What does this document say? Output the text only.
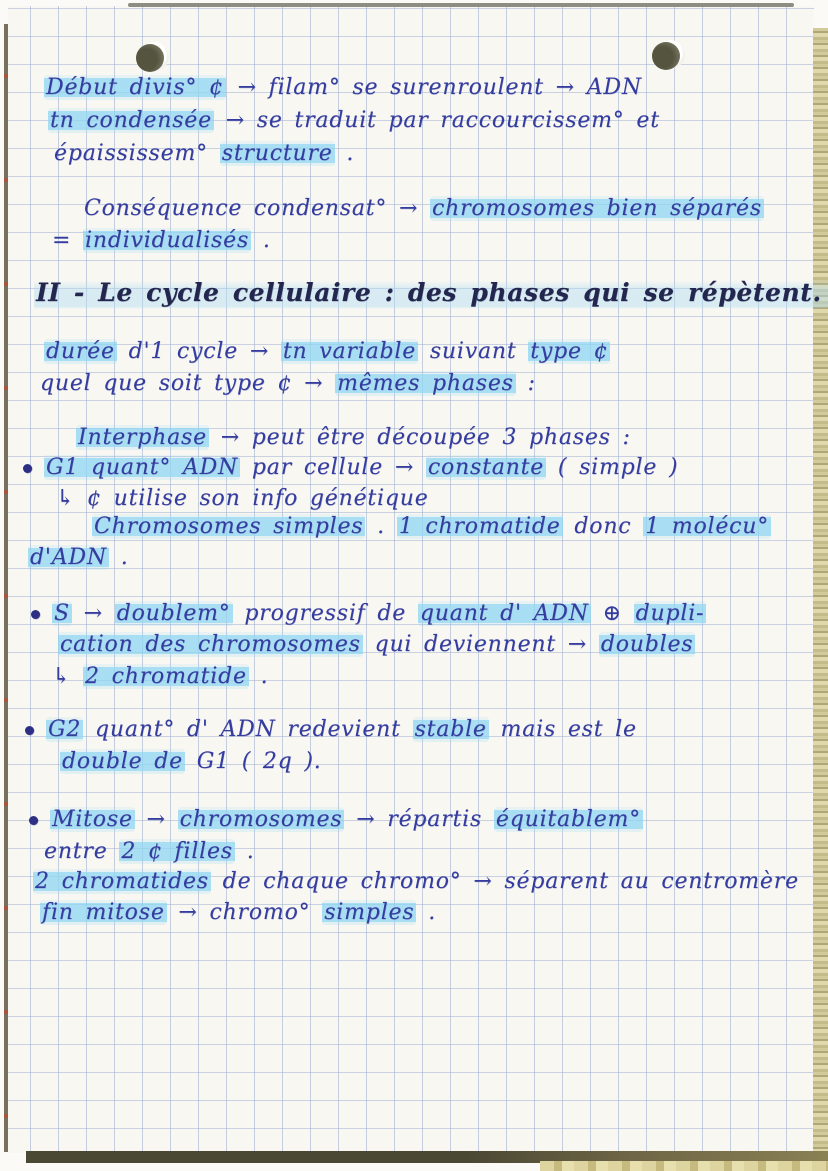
Début divis° ¢ → filam° se surenroulent → ADN
tn condensée → se traduit par raccourcissem° et
épaississem° structure .
Conséquence condensat° → chromosomes bien séparés
= individualisés .
II - Le cycle cellulaire : des phases qui se répètent.
durée d'1 cycle → tn variable suivant type ¢
quel que soit type ¢ → mêmes phases :
Interphase → peut être découpée 3 phases :
G1 quant° ADN par cellule → constante ( simple )
↳ ¢ utilise son info génétique
Chromosomes simples . 1 chromatide donc 1 molécu°
d'ADN .
S → doublem° progressif de quant d' ADN ⊕ dupli-
cation des chromosomes qui deviennent → doubles
↳ 2 chromatide .
G2 quant° d' ADN redevient stable mais est le
double de G1 ( 2q ).
Mitose → chromosomes → répartis équitablem°
entre 2 ¢ filles .
2 chromatides de chaque chromo° → séparent au centromère
fin mitose → chromo° simples .
